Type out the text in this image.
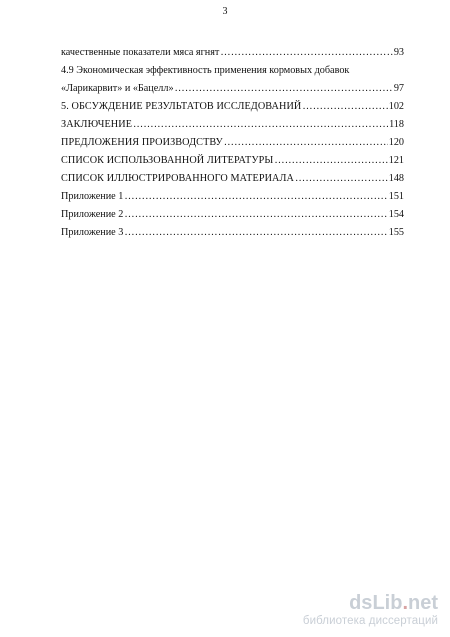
3
качественные показатели мяса ягнят ……………………………………………………………………………………………………………………………………………………………………	93
4.9 Экономическая эффективность применения кормовых добавок
«Ларикарвит» и «Бацелл» ……………………………………………………………………………………………………………………………………………………………………	97
5. ОБСУЖДЕНИЕ РЕЗУЛЬТАТОВ ИССЛЕДОВАНИЙ ……………………………………………………………………………………………………………………………………………………………………	102
ЗАКЛЮЧЕНИЕ ……………………………………………………………………………………………………………………………………………………………………	118
ПРЕДЛОЖЕНИЯ ПРОИЗВОДСТВУ ……………………………………………………………………………………………………………………………………………………………………	120
СПИСОК ИСПОЛЬЗОВАННОЙ ЛИТЕРАТУРЫ ……………………………………………………………………………………………………………………………………………………………………	121
СПИСОК ИЛЛЮСТРИРОВАННОГО МАТЕРИАЛА ……………………………………………………………………………………………………………………………………………………………………	148
Приложение 1 ……………………………………………………………………………………………………………………………………………………………………	151
Приложение 2 ……………………………………………………………………………………………………………………………………………………………………	154
Приложение 3 ……………………………………………………………………………………………………………………………………………………………………	155
ds Lib . net
библиотека диссертаций
